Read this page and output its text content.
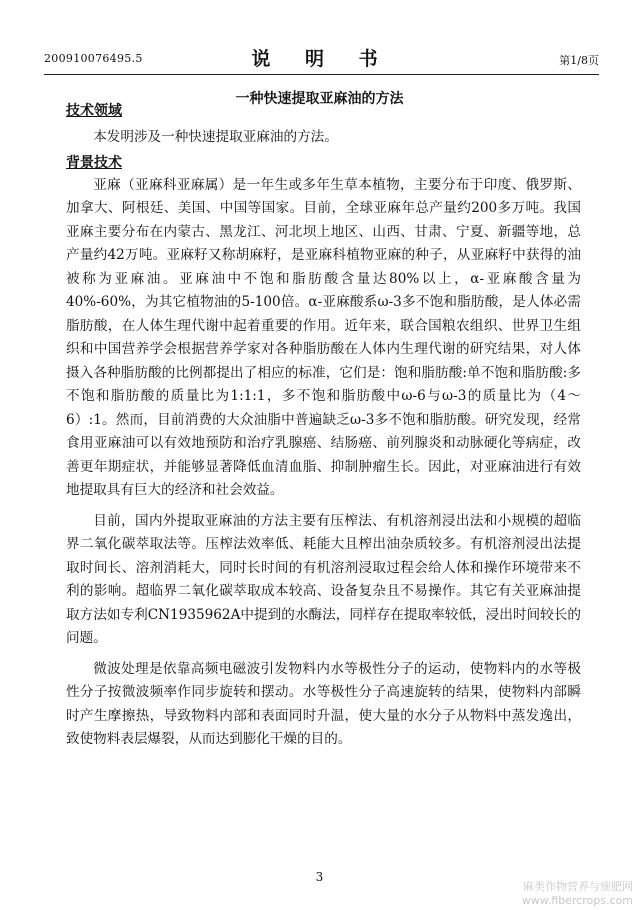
200910076495.5	说 明 书	第1/8页
一种快速提取亚麻油的方法
技术领域

本发明涉及一种快速提取亚麻油的方法。

背景技术

亚麻（亚麻科亚麻属）是一年生或多年生草本植物，主要分布于印度、俄罗斯、加拿大、阿根廷、美国、中国等国家。目前，全球亚麻年总产量约200多万吨。我国亚麻主要分布在内蒙古、黑龙江、河北坝上地区、山西、甘肃、宁夏、新疆等地，总产量约42万吨。亚麻籽又称胡麻籽，是亚麻科植物亚麻的种子，从亚麻籽中获得的油被称为亚麻油。亚麻油中不饱和脂肪酸含量达80%以上，α-亚麻酸含量为40%-60%，为其它植物油的5-100倍。α-亚麻酸系ω-3多不饱和脂肪酸，是人体必需脂肪酸，在人体生理代谢中起着重要的作用。近年来，联合国粮农组织、世界卫生组织和中国营养学会根据营养学家对各种脂肪酸在人体内生理代谢的研究结果，对人体摄入各种脂肪酸的比例都提出了相应的标准，它们是：饱和脂肪酸:单不饱和脂肪酸:多不饱和脂肪酸的质量比为1:1:1，多不饱和脂肪酸中ω-6与ω-3的质量比为（4～6）:1。然而，目前消费的大众油脂中普遍缺乏ω-3多不饱和脂肪酸。研究发现，经常食用亚麻油可以有效地预防和治疗乳腺癌、结肠癌、前列腺炎和动脉硬化等病症，改善更年期症状，并能够显著降低血清血脂、抑制肿瘤生长。因此，对亚麻油进行有效地提取具有巨大的经济和社会效益。

目前，国内外提取亚麻油的方法主要有压榨法、有机溶剂浸出法和小规模的超临界二氧化碳萃取法等。压榨法效率低、耗能大且榨出油杂质较多。有机溶剂浸出法提取时间长、溶剂消耗大，同时长时间的有机溶剂浸取过程会给人体和操作环境带来不利的影响。超临界二氧化碳萃取成本较高、设备复杂且不易操作。其它有关亚麻油提取方法如专利CN1935962A中提到的水酶法，同样存在提取率较低，浸出时间较长的问题。

微波处理是依靠高频电磁波引发物料内水等极性分子的运动，使物料内的水等极性分子按微波频率作同步旋转和摆动。水等极性分子高速旋转的结果，使物料内部瞬时产生摩擦热，导致物料内部和表面同时升温，使大量的水分子从物料中蒸发逸出，致使物料表层爆裂，从而达到膨化干燥的目的。

3
麻类作物营养与施肥网
www.fibercrops.com
